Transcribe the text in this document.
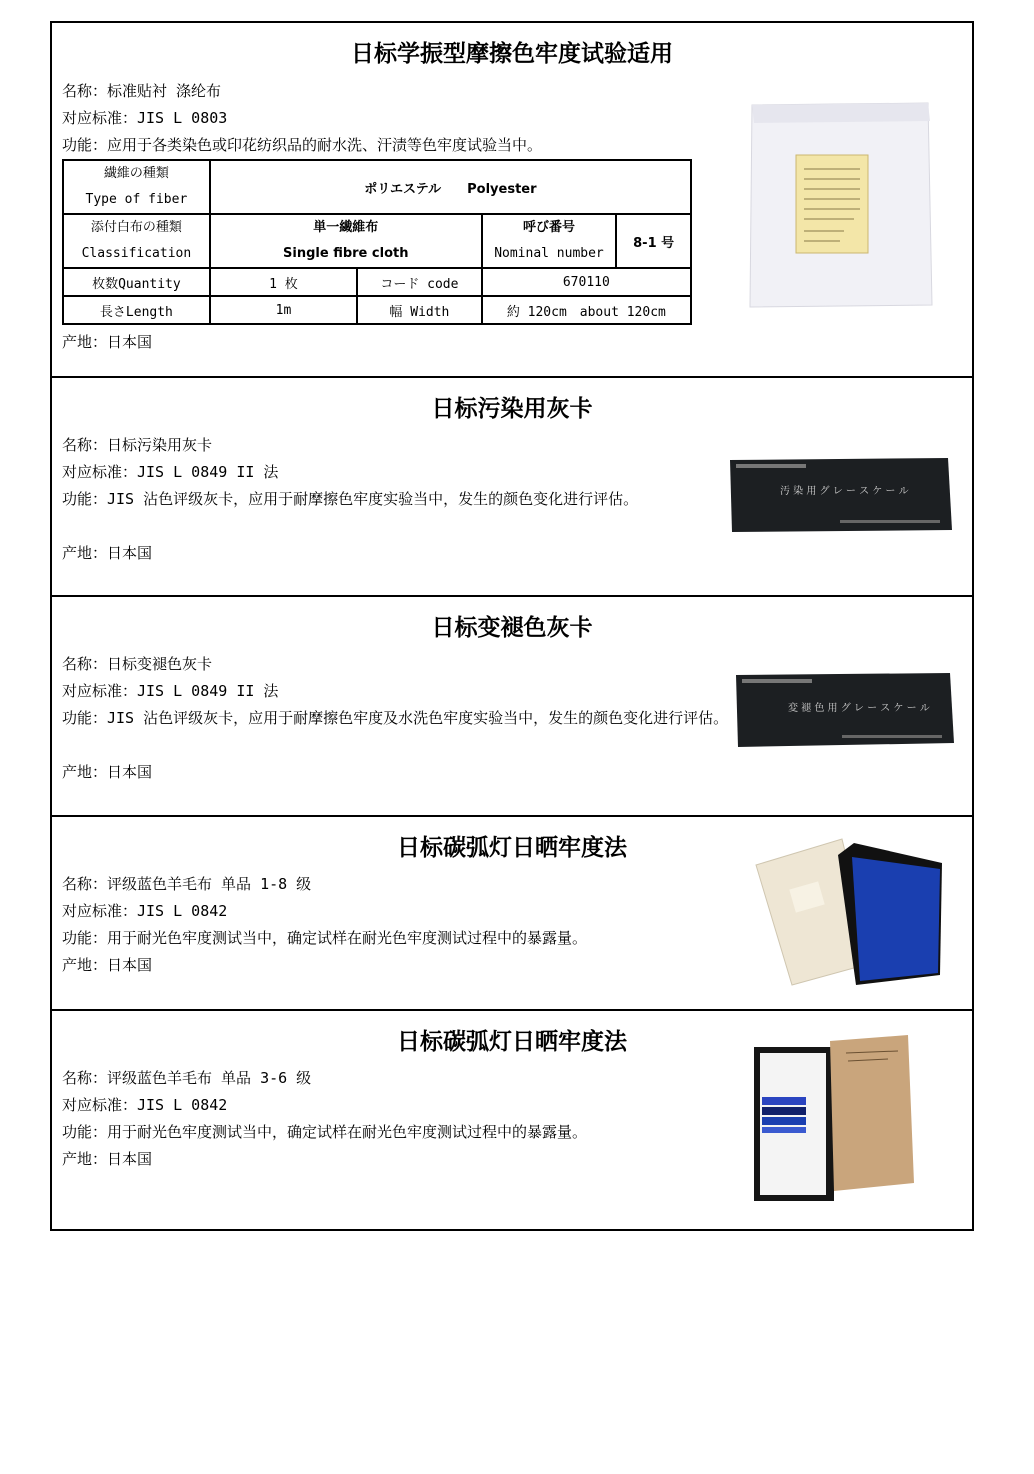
日标学振型摩擦色牢度试验适用
名称：标准贴衬 涤纶布
对应标准：JIS L 0803
功能：应用于各类染色或印花纺织品的耐水洗、汗渍等色牢度试验当中。
繊維の種類
Type of fiber	ポリエステル　　Polyester			

添付白布の種類
Classification	単一繊維布
Single fibre cloth		呼び番号
Nominal number	8-1 号
枚数Quantity	1 枚	コード code	670110	
長さLength	1m	幅 Width	約 120cm　about 120cm	
产地：日本国
日标污染用灰卡
名称：日标污染用灰卡
对应标准：JIS L 0849 II 法
功能：JIS 沾色评级灰卡，应用于耐摩擦色牢度实验当中，发生的颜色变化进行评估。
产地：日本国
汚 染 用 グ レ ー ス ケ ー ル
日标变褪色灰卡
名称：日标变褪色灰卡
对应标准：JIS L 0849 II 法
功能：JIS 沾色评级灰卡，应用于耐摩擦色牢度及水洗色牢度实验当中，发生的颜色变化进行评估。
产地：日本国
変 褪 色 用 グ レ ー ス ケ ー ル
日标碳弧灯日晒牢度法
名称：评级蓝色羊毛布 单品 1-8 级
对应标准：JIS L 0842
功能：用于耐光色牢度测试当中，确定试样在耐光色牢度测试过程中的暴露量。
产地：日本国
日标碳弧灯日晒牢度法
名称：评级蓝色羊毛布 单品 3-6 级
对应标准：JIS L 0842
功能：用于耐光色牢度测试当中，确定试样在耐光色牢度测试过程中的暴露量。
产地：日本国
